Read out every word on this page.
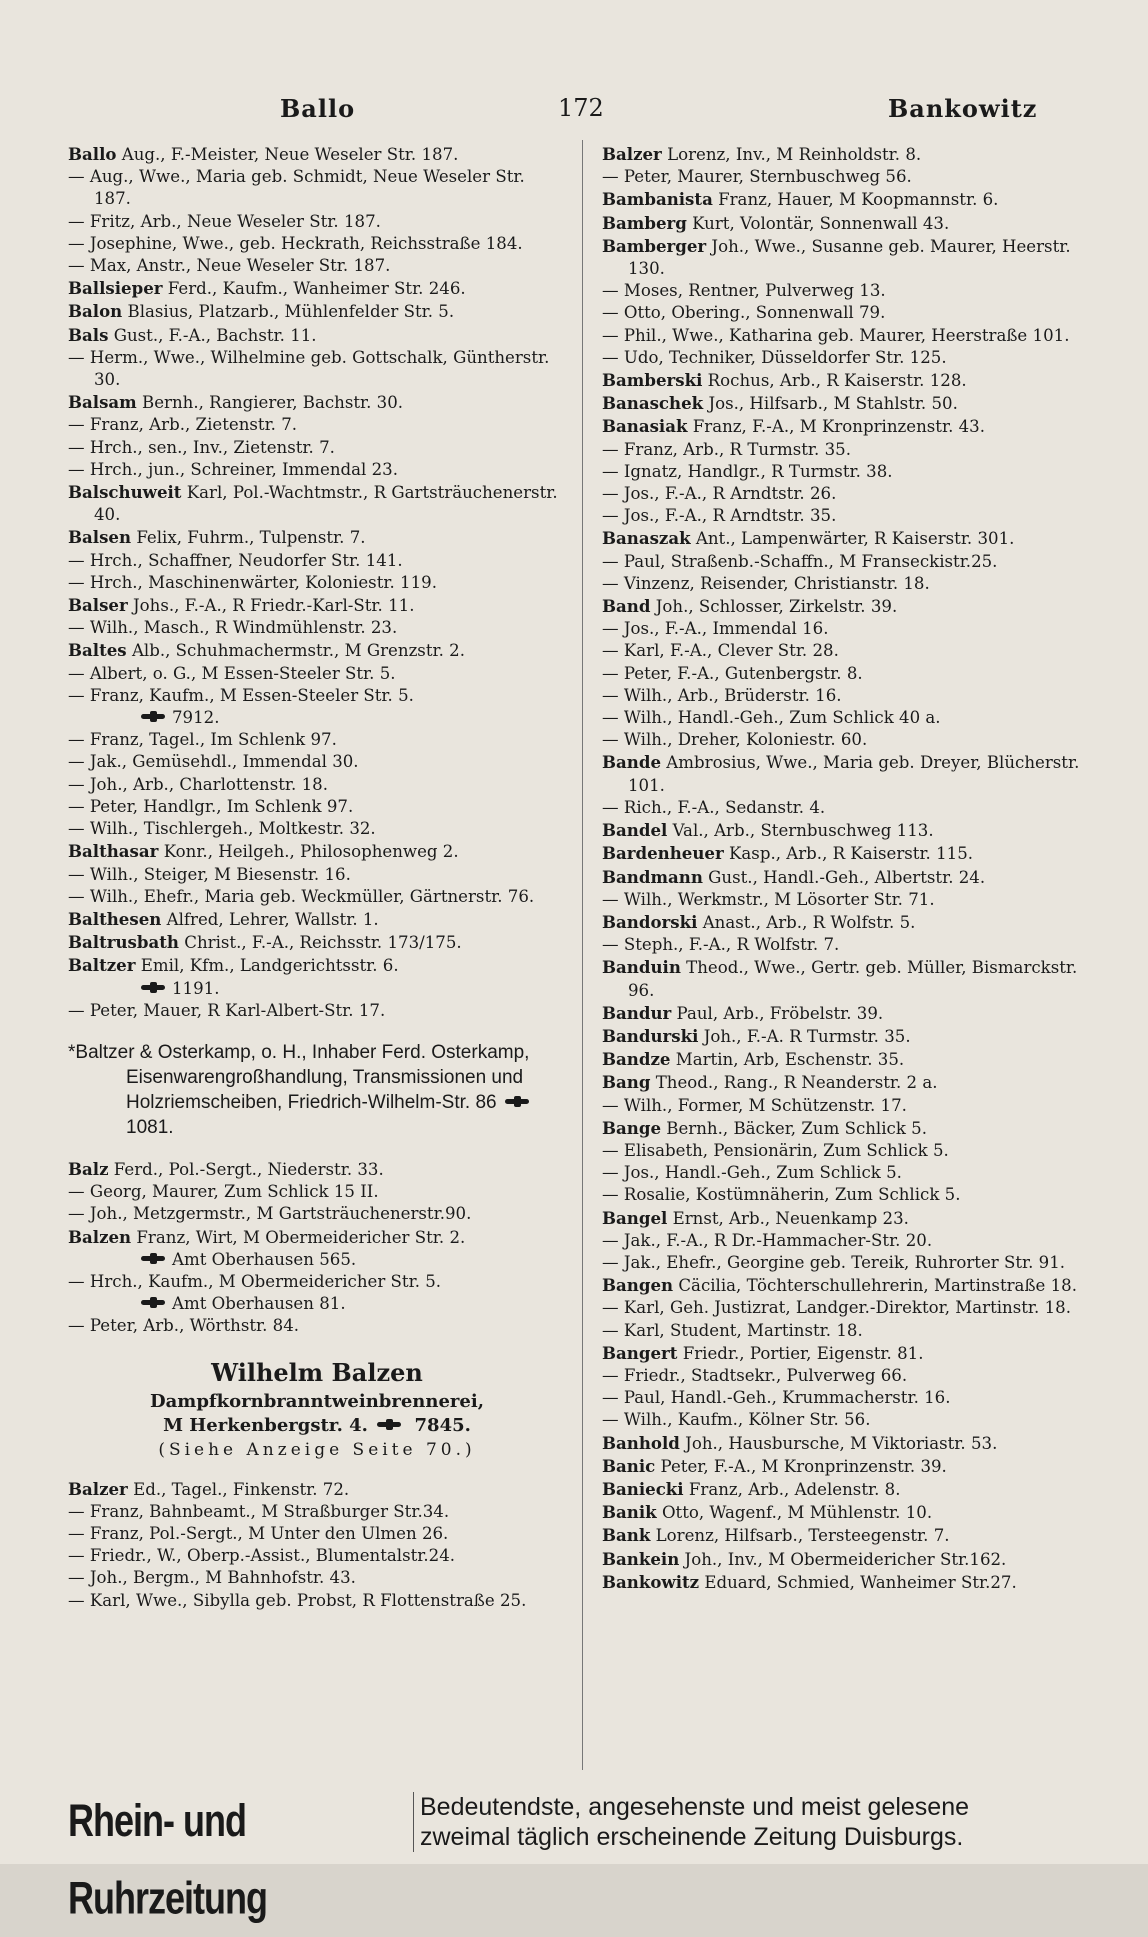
Ballo	172	Bankowitz
Ballo Aug., F.-Meister, Neue Weseler Str. 187.
— Aug., Wwe., Maria geb. Schmidt, Neue Weseler Str. 187.
— Fritz, Arb., Neue Weseler Str. 187.
— Josephine, Wwe., geb. Heckrath, Reichsstraße 184.
— Max, Anstr., Neue Weseler Str. 187.
Ballsieper Ferd., Kaufm., Wanheimer Str. 246.
Balon Blasius, Platzarb., Mühlenfelder Str. 5.
Bals Gust., F.-A., Bachstr. 11.
— Herm., Wwe., Wilhelmine geb. Gottschalk, Güntherstr. 30.
Balsam Bernh., Rangierer, Bachstr. 30.
— Franz, Arb., Zietenstr. 7.
— Hrch., sen., Inv., Zietenstr. 7.
— Hrch., jun., Schreiner, Immendal 23.
Balschuweit Karl, Pol.-Wachtmstr., R Gartsträuchenerstr. 40.
Balsen Felix, Fuhrm., Tulpenstr. 7.
— Hrch., Schaffner, Neudorfer Str. 141.
— Hrch., Maschinenwärter, Koloniestr. 119.
Balser Johs., F.-A., R Friedr.-Karl-Str. 11.
— Wilh., Masch., R Windmühlenstr. 23.
Baltes Alb., Schuhmachermstr., M Grenzstr. 2.
— Albert, o. G., M Essen-Steeler Str. 5.
— Franz, Kaufm., M Essen-Steeler Str. 5.
7912.
— Franz, Tagel., Im Schlenk 97.
— Jak., Gemüsehdl., Immendal 30.
— Joh., Arb., Charlottenstr. 18.
— Peter, Handlgr., Im Schlenk 97.
— Wilh., Tischlergeh., Moltkestr. 32.
Balthasar Konr., Heilgeh., Philosophenweg 2.
— Wilh., Steiger, M Biesenstr. 16.
— Wilh., Ehefr., Maria geb. Weckmüller, Gärtnerstr. 76.
Balthesen Alfred, Lehrer, Wallstr. 1.
Baltrusbath Christ., F.-A., Reichsstr. 173/175.
Baltzer Emil, Kfm., Landgerichtsstr. 6.
1191.
— Peter, Mauer, R Karl-Albert-Str. 17.
*Baltzer & Osterkamp, o. H., Inhaber Ferd. Osterkamp, Eisenwarengroßhandlung, Transmissionen und Holzriemscheiben, Friedrich-Wilhelm-Str. 86  1081.
Balz Ferd., Pol.-Sergt., Niederstr. 33.
— Georg, Maurer, Zum Schlick 15 II.
— Joh., Metzgermstr., M Gartsträuchenerstr.90.
Balzen Franz, Wirt, M Obermeidericher Str. 2.
Amt Oberhausen 565.
— Hrch., Kaufm., M Obermeidericher Str. 5.
Amt Oberhausen 81.
— Peter, Arb., Wörthstr. 84.
Wilhelm Balzen
Dampfkornbranntweinbrennerei,
M Herkenbergstr. 4.	7845.
(Siehe Anzeige Seite 70.)
Balzer Ed., Tagel., Finkenstr. 72.
— Franz, Bahnbeamt., M Straßburger Str.34.
— Franz, Pol.-Sergt., M Unter den Ulmen 26.
— Friedr., W., Oberp.-Assist., Blumentalstr.24.
— Joh., Bergm., M Bahnhofstr. 43.
— Karl, Wwe., Sibylla geb. Probst, R Flottenstraße 25.
Balzer Lorenz, Inv., M Reinholdstr. 8.
— Peter, Maurer, Sternbuschweg 56.
Bambanista Franz, Hauer, M Koopmannstr. 6.
Bamberg Kurt, Volontär, Sonnenwall 43.
Bamberger Joh., Wwe., Susanne geb. Maurer, Heerstr. 130.
— Moses, Rentner, Pulverweg 13.
— Otto, Obering., Sonnenwall 79.
— Phil., Wwe., Katharina geb. Maurer, Heerstraße 101.
— Udo, Techniker, Düsseldorfer Str. 125.
Bamberski Rochus, Arb., R Kaiserstr. 128.
Banaschek Jos., Hilfsarb., M Stahlstr. 50.
Banasiak Franz, F.-A., M Kronprinzenstr. 43.
— Franz, Arb., R Turmstr. 35.
— Ignatz, Handlgr., R Turmstr. 38.
— Jos., F.-A., R Arndtstr. 26.
— Jos., F.-A., R Arndtstr. 35.
Banaszak Ant., Lampenwärter, R Kaiserstr. 301.
— Paul, Straßenb.-Schaffn., M Franseckistr.25.
— Vinzenz, Reisender, Christianstr. 18.
Band Joh., Schlosser, Zirkelstr. 39.
— Jos., F.-A., Immendal 16.
— Karl, F.-A., Clever Str. 28.
— Peter, F.-A., Gutenbergstr. 8.
— Wilh., Arb., Brüderstr. 16.
— Wilh., Handl.-Geh., Zum Schlick 40 a.
— Wilh., Dreher, Koloniestr. 60.
Bande Ambrosius, Wwe., Maria geb. Dreyer, Blücherstr. 101.
— Rich., F.-A., Sedanstr. 4.
Bandel Val., Arb., Sternbuschweg 113.
Bardenheuer Kasp., Arb., R Kaiserstr. 115.
Bandmann Gust., Handl.-Geh., Albertstr. 24.
— Wilh., Werkmstr., M Lösorter Str. 71.
Bandorski Anast., Arb., R Wolfstr. 5.
— Steph., F.-A., R Wolfstr. 7.
Banduin Theod., Wwe., Gertr. geb. Müller, Bismarckstr. 96.
Bandur Paul, Arb., Fröbelstr. 39.
Bandurski Joh., F.-A. R Turmstr. 35.
Bandze Martin, Arb, Eschenstr. 35.
Bang Theod., Rang., R Neanderstr. 2 a.
— Wilh., Former, M Schützenstr. 17.
Bange Bernh., Bäcker, Zum Schlick 5.
— Elisabeth, Pensionärin, Zum Schlick 5.
— Jos., Handl.-Geh., Zum Schlick 5.
— Rosalie, Kostümnäherin, Zum Schlick 5.
Bangel Ernst, Arb., Neuenkamp 23.
— Jak., F.-A., R Dr.-Hammacher-Str. 20.
— Jak., Ehefr., Georgine geb. Tereik, Ruhrorter Str. 91.
Bangen Cäcilia, Töchterschullehrerin, Martinstraße 18.
— Karl, Geh. Justizrat, Landger.-Direktor, Martinstr. 18.
— Karl, Student, Martinstr. 18.
Bangert Friedr., Portier, Eigenstr. 81.
— Friedr., Stadtsekr., Pulverweg 66.
— Paul, Handl.-Geh., Krummacherstr. 16.
— Wilh., Kaufm., Kölner Str. 56.
Banhold Joh., Hausbursche, M Viktoriastr. 53.
Banic Peter, F.-A., M Kronprinzenstr. 39.
Baniecki Franz, Arb., Adelenstr. 8.
Banik Otto, Wagenf., M Mühlenstr. 10.
Bank Lorenz, Hilfsarb., Tersteegenstr. 7.
Bankein Joh., Inv., M Obermeidericher Str.162.
Bankowitz Eduard, Schmied, Wanheimer Str.27.
Rhein- und Ruhrzeitung
Bedeutendste, angesehenste und meist gelesene
zweimal täglich erscheinende Zeitung Duisburgs.
